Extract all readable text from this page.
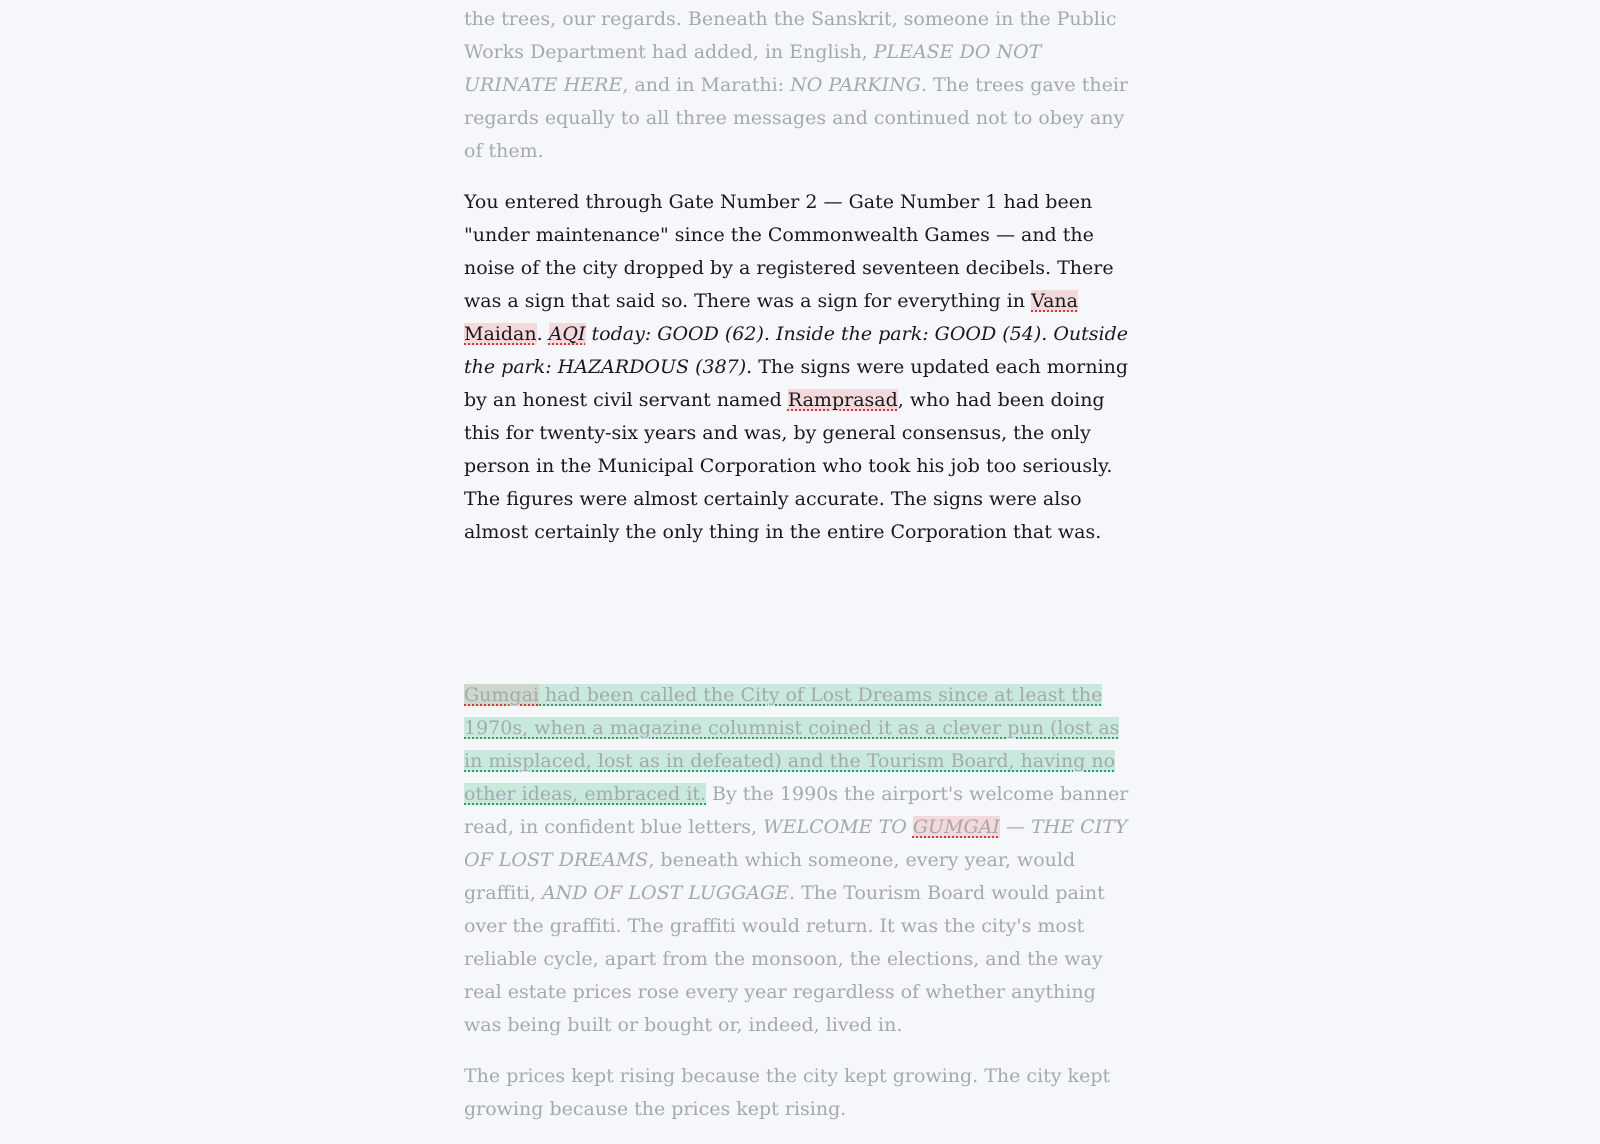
the trees, our regards. Beneath the Sanskrit, someone in the Public Works Department had added, in English, PLEASE DO NOT URINATE HERE, and in Marathi: NO PARKING. The trees gave their regards equally to all three messages and continued not to obey any of them.

You entered through Gate Number 2 — Gate Number 1 had been "under maintenance" since the Commonwealth Games — and the noise of the city dropped by a registered seventeen decibels. There was a sign that said so. There was a sign for everything in Vana Maidan. AQI today: GOOD (62). Inside the park: GOOD (54). Outside the park: HAZARDOUS (387). The signs were updated each morning by an honest civil servant named Ramprasad, who had been doing this for twenty-six years and was, by general consensus, the only person in the Municipal Corporation who took his job too seriously. The figures were almost certainly accurate. The signs were also almost certainly the only thing in the entire Corporation that was.

Gumgai had been called the City of Lost Dreams since at least the 1970s, when a magazine columnist coined it as a clever pun (lost as in misplaced, lost as in defeated) and the Tourism Board, having no other ideas, embraced it. By the 1990s the airport's welcome banner read, in confident blue letters, WELCOME TO GUMGAI — THE CITY OF LOST DREAMS, beneath which someone, every year, would graffiti, AND OF LOST LUGGAGE. The Tourism Board would paint over the graffiti. The graffiti would return. It was the city's most reliable cycle, apart from the monsoon, the elections, and the way real estate prices rose every year regardless of whether anything was being built or bought or, indeed, lived in.

The prices kept rising because the city kept growing. The city kept growing because the prices kept rising.
